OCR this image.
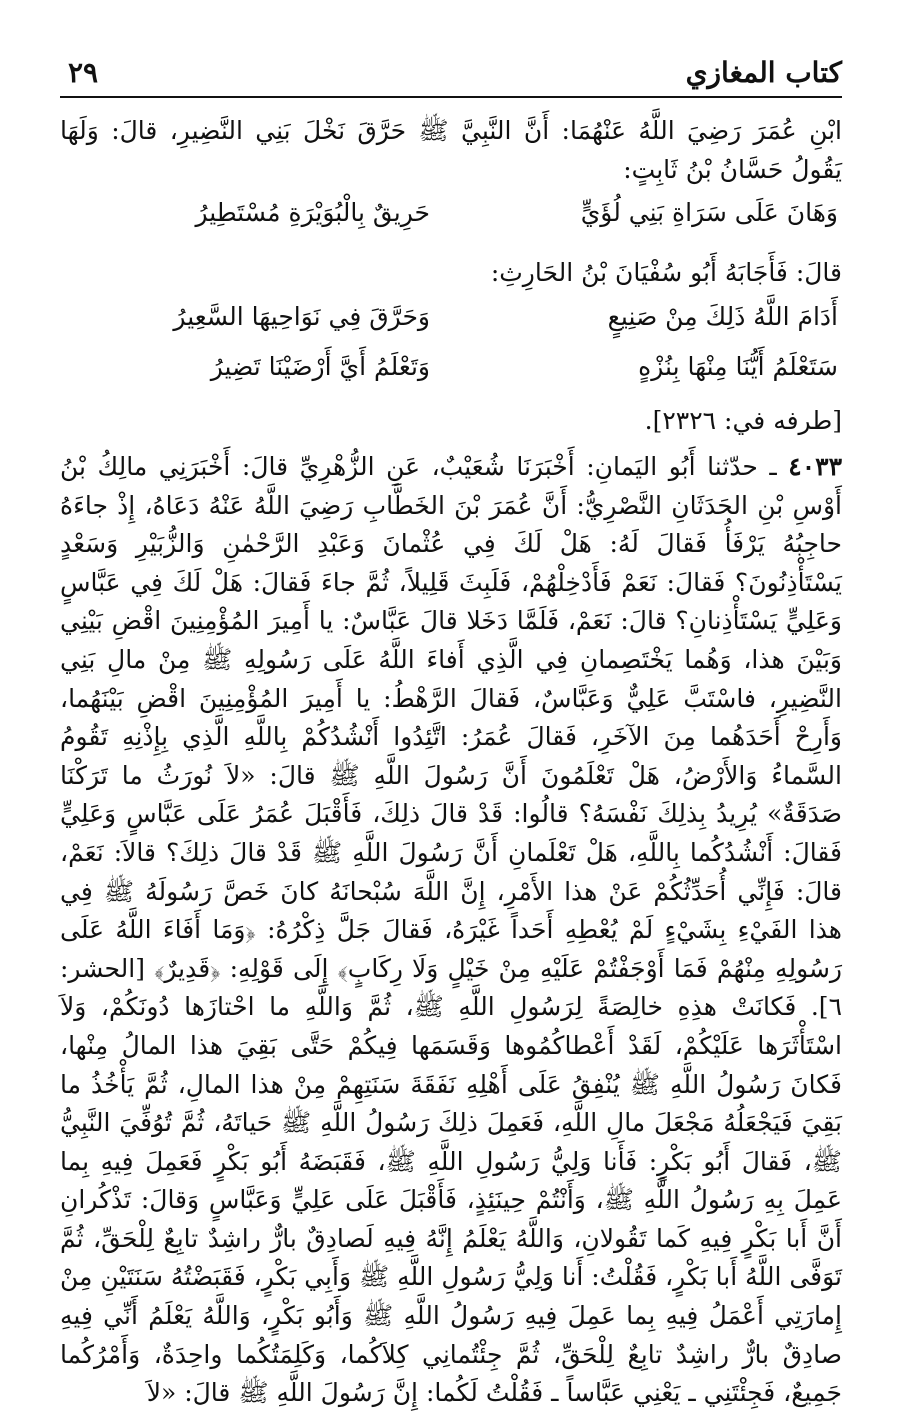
كتاب المغازي
٢٩
ابْنِ عُمَرَ رَضِيَ اللَّهُ عَنْهُمَا: أَنَّ النَّبِيَّ ﷺ حَرَّقَ نَخْلَ بَنِي النَّضِيرِ، قالَ: وَلَهَا يَقُولُ حَسَّانُ بْنُ ثَابِتٍ:
وَهَانَ عَلَى سَرَاةِ بَنِي لُؤَيٍّ
حَرِيقٌ بِالْبُوَيْرَةِ مُسْتَطِيرُ
قالَ: فَأَجَابَهُ أَبُو سُفْيَانَ بْنُ الحَارِثِ:
أَدَامَ اللَّهُ ذَلِكَ مِنْ صَنِيعٍ
وَحَرَّقَ فِي نَوَاحِيهَا السَّعِيرُ
سَتَعْلَمُ أَيُّنَا مِنْهَا بِنُزْهٍ
وَتَعْلَمُ أَيَّ أَرْضَيْنَا تَضِيرُ
[طرفه في: ٢٣٢٦].
٤٠٣٣ ـ حدّثنا أَبُو اليَمانِ: أَخْبَرَنَا شُعَيْبٌ، عَنِ الزُّهْرِيِّ قالَ: أَخْبَرَنِي مالِكُ بْنُ أَوْسِ بْنِ الحَدَثَانِ النَّصْرِيُّ: أَنَّ عُمَرَ بْنَ الخَطَّابِ رَضِيَ اللَّهُ عَنْهُ دَعَاهُ، إِذْ جاءَهُ حاجِبُهُ يَرْفَأُ فَقالَ لَهُ: هَلْ لَكَ فِي عُثْمانَ وَعَبْدِ الرَّحْمٰنِ وَالزُّبَيْرِ وَسَعْدٍ يَسْتَأْذِنُونَ؟ فَقالَ: نَعَمْ فَأَدْخِلْهُمْ، فَلَبِثَ قَلِيلاً، ثُمَّ جاءَ فَقالَ: هَلْ لَكَ فِي عَبَّاسٍ وَعَلِيٍّ يَسْتَأْذِنانِ؟ قالَ: نَعَمْ، فَلَمَّا دَخَلا قالَ عَبَّاسٌ: يا أَمِيرَ المُؤْمِنِينَ اقْضِ بَيْنِي وَبَيْنَ هذا، وَهُما يَخْتَصِمانِ فِي الَّذِي أَفاءَ اللَّهُ عَلَى رَسُولِهِ ﷺ مِنْ مالِ بَنِي النَّضِيرِ، فاسْتَبَّ عَلِيٌّ وَعَبَّاسٌ، فَقالَ الرَّهْطُ: يا أَمِيرَ المُؤْمِنِينَ اقْضِ بَيْنَهُما، وَأَرِحْ أَحَدَهُما مِنَ الآخَرِ، فَقالَ عُمَرُ: اتَّئِدُوا أَنْشُدُكُمْ بِاللَّهِ الَّذِي بِإِذْنِهِ تَقُومُ السَّماءُ وَالأَرْضُ، هَلْ تَعْلَمُونَ أَنَّ رَسُولَ اللَّهِ ﷺ قالَ: «لاَ نُورَثُ ما تَرَكْنَا صَدَقَةٌ» يُرِيدُ بِذلِكَ نَفْسَهُ؟ قالُوا: قَدْ قالَ ذلِكَ، فَأَقْبَلَ عُمَرُ عَلَى عَبَّاسٍ وَعَلِيٍّ فَقالَ: أَنْشُدُكُما بِاللَّهِ، هَلْ تَعْلَمانِ أَنَّ رَسُولَ اللَّهِ ﷺ قَدْ قالَ ذلِكَ؟ قالاَ: نَعَمْ، قالَ: فَإِنِّي أُحَدِّثُكُمْ عَنْ هذا الأَمْرِ، إِنَّ اللَّهَ سُبْحانَهُ كانَ خَصَّ رَسُولَهُ ﷺ فِي هذا الفَيْءِ بِشَيْءٍ لَمْ يُعْطِهِ أَحَداً غَيْرَهُ، فَقالَ جَلَّ ذِكْرُهُ: ﴿وَمَا أَفَاءَ اللَّهُ عَلَى رَسُولِهِ مِنْهُمْ فَمَا أَوْجَفْتُمْ عَلَيْهِ مِنْ خَيْلٍ وَلَا رِكَابٍ﴾ إِلَى قَوْلِهِ: ﴿قَدِيرٌ﴾ [الحشر: ٦]. فَكانَتْ هذِهِ خالِصَةً لِرَسُولِ اللَّهِ ﷺ، ثُمَّ وَاللَّهِ ما احْتازَها دُونَكُمْ، وَلاَ اسْتَأْثَرَها عَلَيْكُمْ، لَقَدْ أَعْطاكُمُوها وَقَسَمَها فِيكُمْ حَتَّى بَقِيَ هذا المالُ مِنْها، فَكانَ رَسُولُ اللَّهِ ﷺ يُنْفِقُ عَلَى أَهْلِهِ نَفَقَةَ سَنَتِهِمْ مِنْ هذا المالِ، ثُمَّ يَأْخُذُ ما بَقِيَ فَيَجْعَلُهُ مَجْعَلَ مالِ اللَّهِ، فَعَمِلَ ذلِكَ رَسُولُ اللَّهِ ﷺ حَياتَهُ، ثُمَّ تُوُفِّيَ النَّبِيُّ ﷺ، فَقالَ أَبُو بَكْرٍ: فَأَنا وَلِيُّ رَسُولِ اللَّهِ ﷺ، فَقَبَضَهُ أَبُو بَكْرٍ فَعَمِلَ فِيهِ بِما عَمِلَ بِهِ رَسُولُ اللَّهِ ﷺ، وَأَنْتُمْ حِينَئِذٍ، فَأَقْبَلَ عَلَى عَلِيٍّ وَعَبَّاسٍ وَقالَ: تَذْكُرانِ أَنَّ أَبا بَكْرٍ فِيهِ كَما تَقُولانِ، وَاللَّهُ يَعْلَمُ إِنَّهُ فِيهِ لَصادِقٌ بارٌّ راشِدٌ تابِعٌ لِلْحَقِّ، ثُمَّ تَوَفَّى اللَّهُ أَبا بَكْرٍ، فَقُلْتُ: أَنا وَلِيُّ رَسُولِ اللَّهِ ﷺ وَأَبِي بَكْرٍ، فَقَبَضْتُهُ سَنَتَيْنِ مِنْ إِمارَتِي أَعْمَلُ فِيهِ بِما عَمِلَ فِيهِ رَسُولُ اللَّهِ ﷺ وَأَبُو بَكْرٍ، وَاللَّهُ يَعْلَمُ أَنِّي فِيهِ صادِقٌ بارٌّ راشِدٌ تابِعٌ لِلْحَقِّ، ثُمَّ جِئْتُمانِي كِلاَكُما، وَكَلِمَتُكُما واحِدَةٌ، وَأَمْرُكُما جَمِيعٌ، فَجِئْتَنِي ـ يَعْنِي عَبَّاساً ـ فَقُلْتُ لَكُما: إِنَّ رَسُولَ اللَّهِ ﷺ قالَ: «لاَ
